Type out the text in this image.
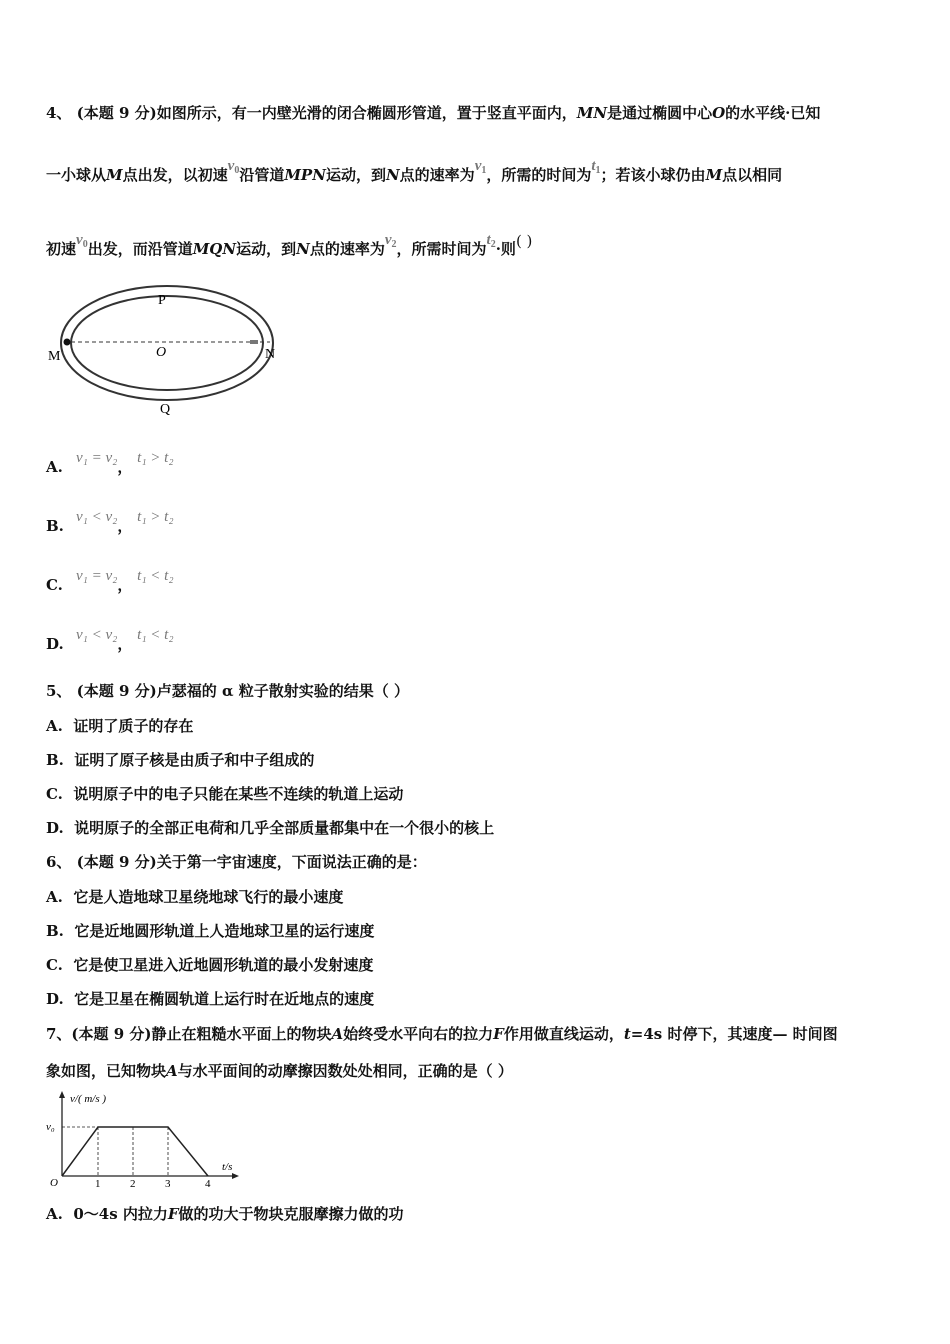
4、 (本题 9 分)如图所示，有一内壁光滑的闭合椭圆形管道，置于竖直平面内，MN是通过椭圆中心O的水平线·已知
一小球从M点出发，以初速$v_0$沿管道MPN运动，到N点的速率为$v_1$，所需的时间为$t_1$；若该小球仍由M点以相同
初速$v_0$出发，而沿管道MQN运动，到N点的速率为$v_2$，所需时间为$t_2\cdot$则( )
P
O
M	N
Q
A. v₁ = v₂， t₁ > t₂
B. v₁ < v₂， t₁ > t₂
C. v₁ = v₂， t₁ < t₂
D. v₁ < v₂， t₁ < t₂
5、 (本题 9 分)卢瑟福的 α 粒子散射实验的结果（ ）
A. 证明了质子的存在
B. 证明了原子核是由质子和中子组成的
C. 说明原子中的电子只能在某些不连续的轨道上运动
D. 说明原子的全部正电荷和几乎全部质量都集中在一个很小的核上
6、 (本题 9 分)关于第一宇宙速度，下面说法正确的是：
A. 它是人造地球卫星绕地球飞行的最小速度
B. 它是近地圆形轨道上人造地球卫星的运行速度
C. 它是使卫星进入近地圆形轨道的最小发射速度
D. 它是卫星在椭圆轨道上运行时在近地点的速度
7、(本题 9 分)静止在粗糙水平面上的物块A始终受水平向右的拉力F作用做直线运动，t=4s 时停下，其速度— 时间图
象如图，已知物块A与水平面间的动摩擦因数处处相同，正确的是（ ）
v/( m/s )
t/s
v₀
O	1	2	3	4
A. 0～4s 内拉力F做的功大于物块克服摩擦力做的功
